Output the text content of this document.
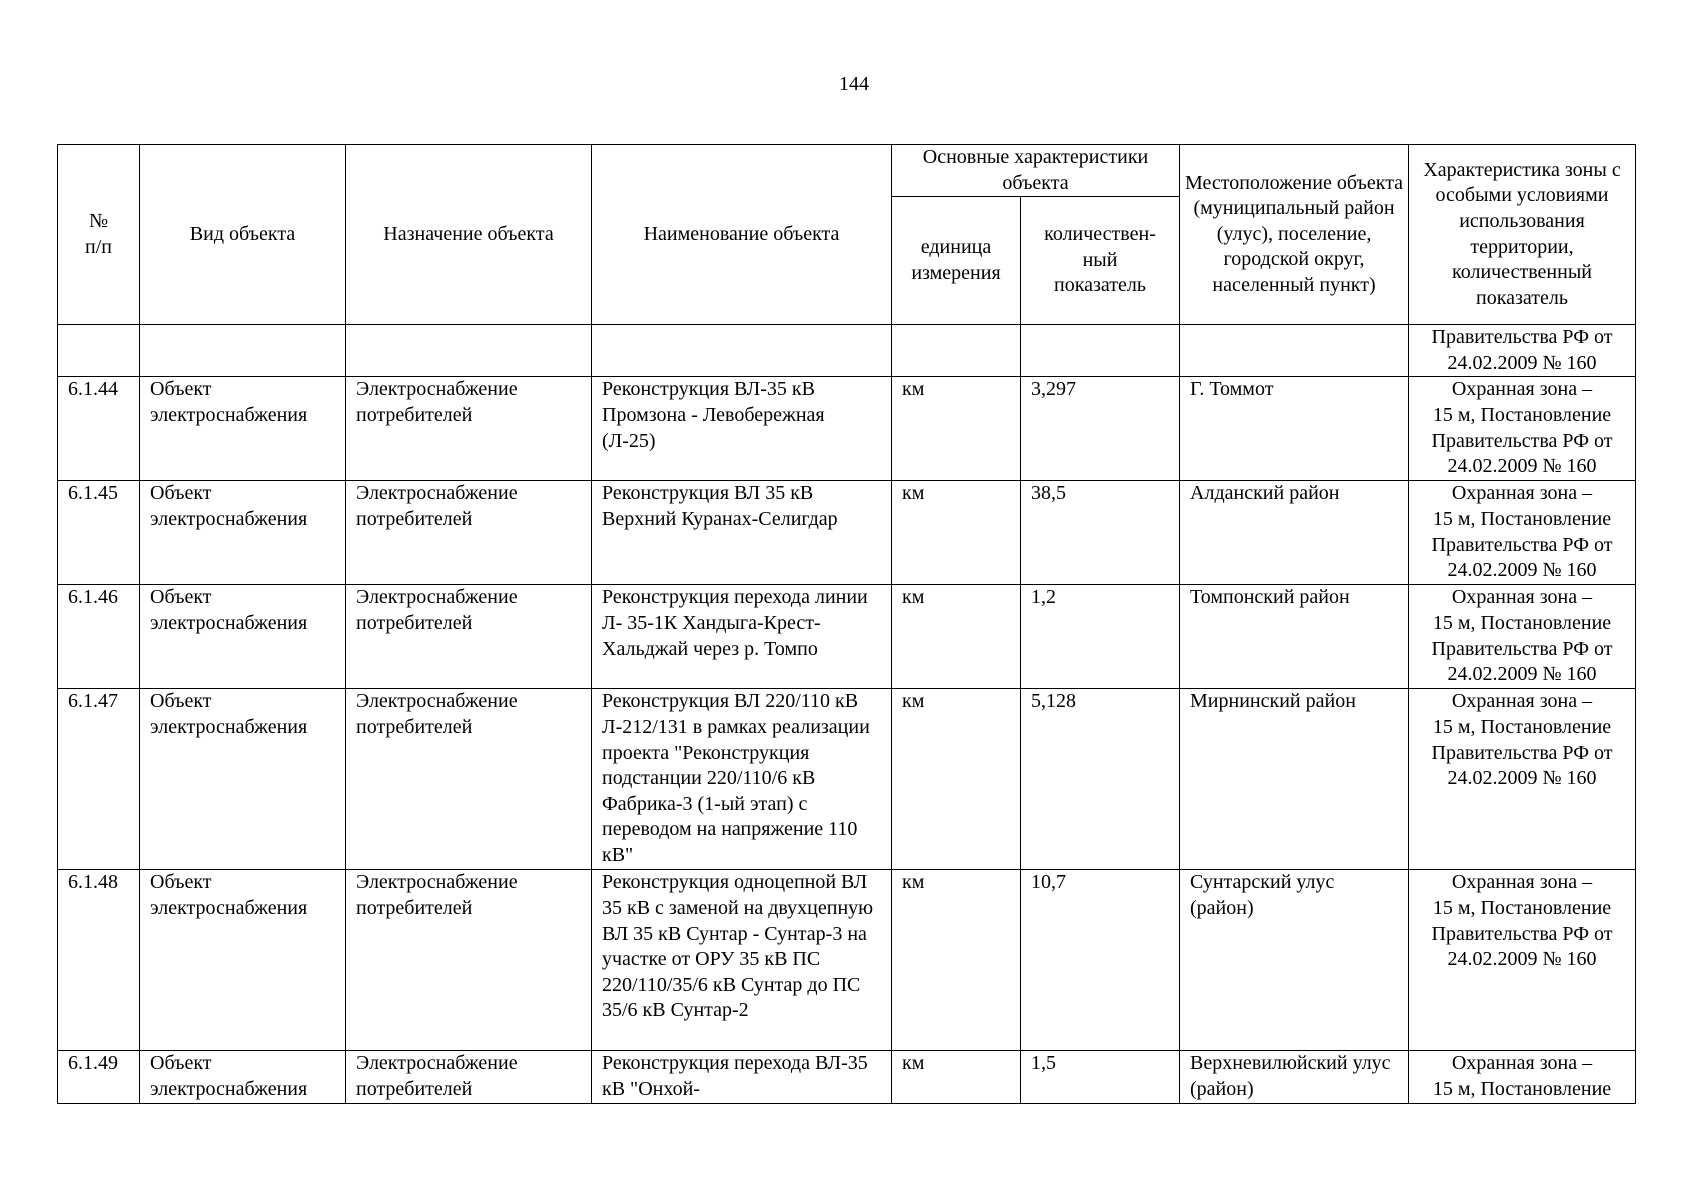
144
№
п/п	Вид объекта	Назначение объекта	Наименование объекта	Основные характеристики объекта		Местоположение объекта (муниципальный район (улус), поселение, городской округ, населенный пункт)	Характеристика зоны с особыми условиями использования территории, количественный показатель
				единица измерения	количествен-
ный
показатель		
							Правительства РФ от 24.02.2009 № 160
6.1.44	Объект электроснабжения	Электроснабжение потребителей	Реконструкция ВЛ-35 кВ Промзона - Левобережная (Л-25)	км	3,297	Г. Томмот	Охранная зона –
15 м, Постановление Правительства РФ от 24.02.2009 № 160
6.1.45	Объект электроснабжения	Электроснабжение потребителей	Реконструкция ВЛ 35 кВ Верхний Куранах-Селигдар	км	38,5	Алданский район	Охранная зона –
15 м, Постановление Правительства РФ от 24.02.2009 № 160
6.1.46	Объект электроснабжения	Электроснабжение потребителей	Реконструкция перехода линии Л- 35-1К Хандыга-Крест-Хальджай через р. Томпо	км	1,2	Томпонский район	Охранная зона –
15 м, Постановление Правительства РФ от 24.02.2009 № 160
6.1.47	Объект электроснабжения	Электроснабжение потребителей	Реконструкция ВЛ 220/110 кВ Л-212/131 в рамках реализации проекта "Реконструкция подстанции 220/110/6 кВ Фабрика-3 (1-ый этап) с переводом на напряжение 110 кВ"	км	5,128	Мирнинский район	Охранная зона –
15 м, Постановление Правительства РФ от 24.02.2009 № 160
6.1.48	Объект электроснабжения	Электроснабжение потребителей	Реконструкция одноцепной ВЛ 35 кВ с заменой на двухцепную ВЛ 35 кВ Сунтар - Сунтар-3 на участке от ОРУ 35 кВ ПС 220/110/35/6 кВ Сунтар до ПС 35/6 кВ Сунтар-2	км	10,7	Сунтарский улус (район)	Охранная зона –
15 м, Постановление Правительства РФ от 24.02.2009 № 160
6.1.49	Объект электроснабжения	Электроснабжение потребителей	Реконструкция перехода ВЛ-35 кВ "Онхой-	км	1,5	Верхневилюйский улус (район)	Охранная зона –
15 м, Постановление
